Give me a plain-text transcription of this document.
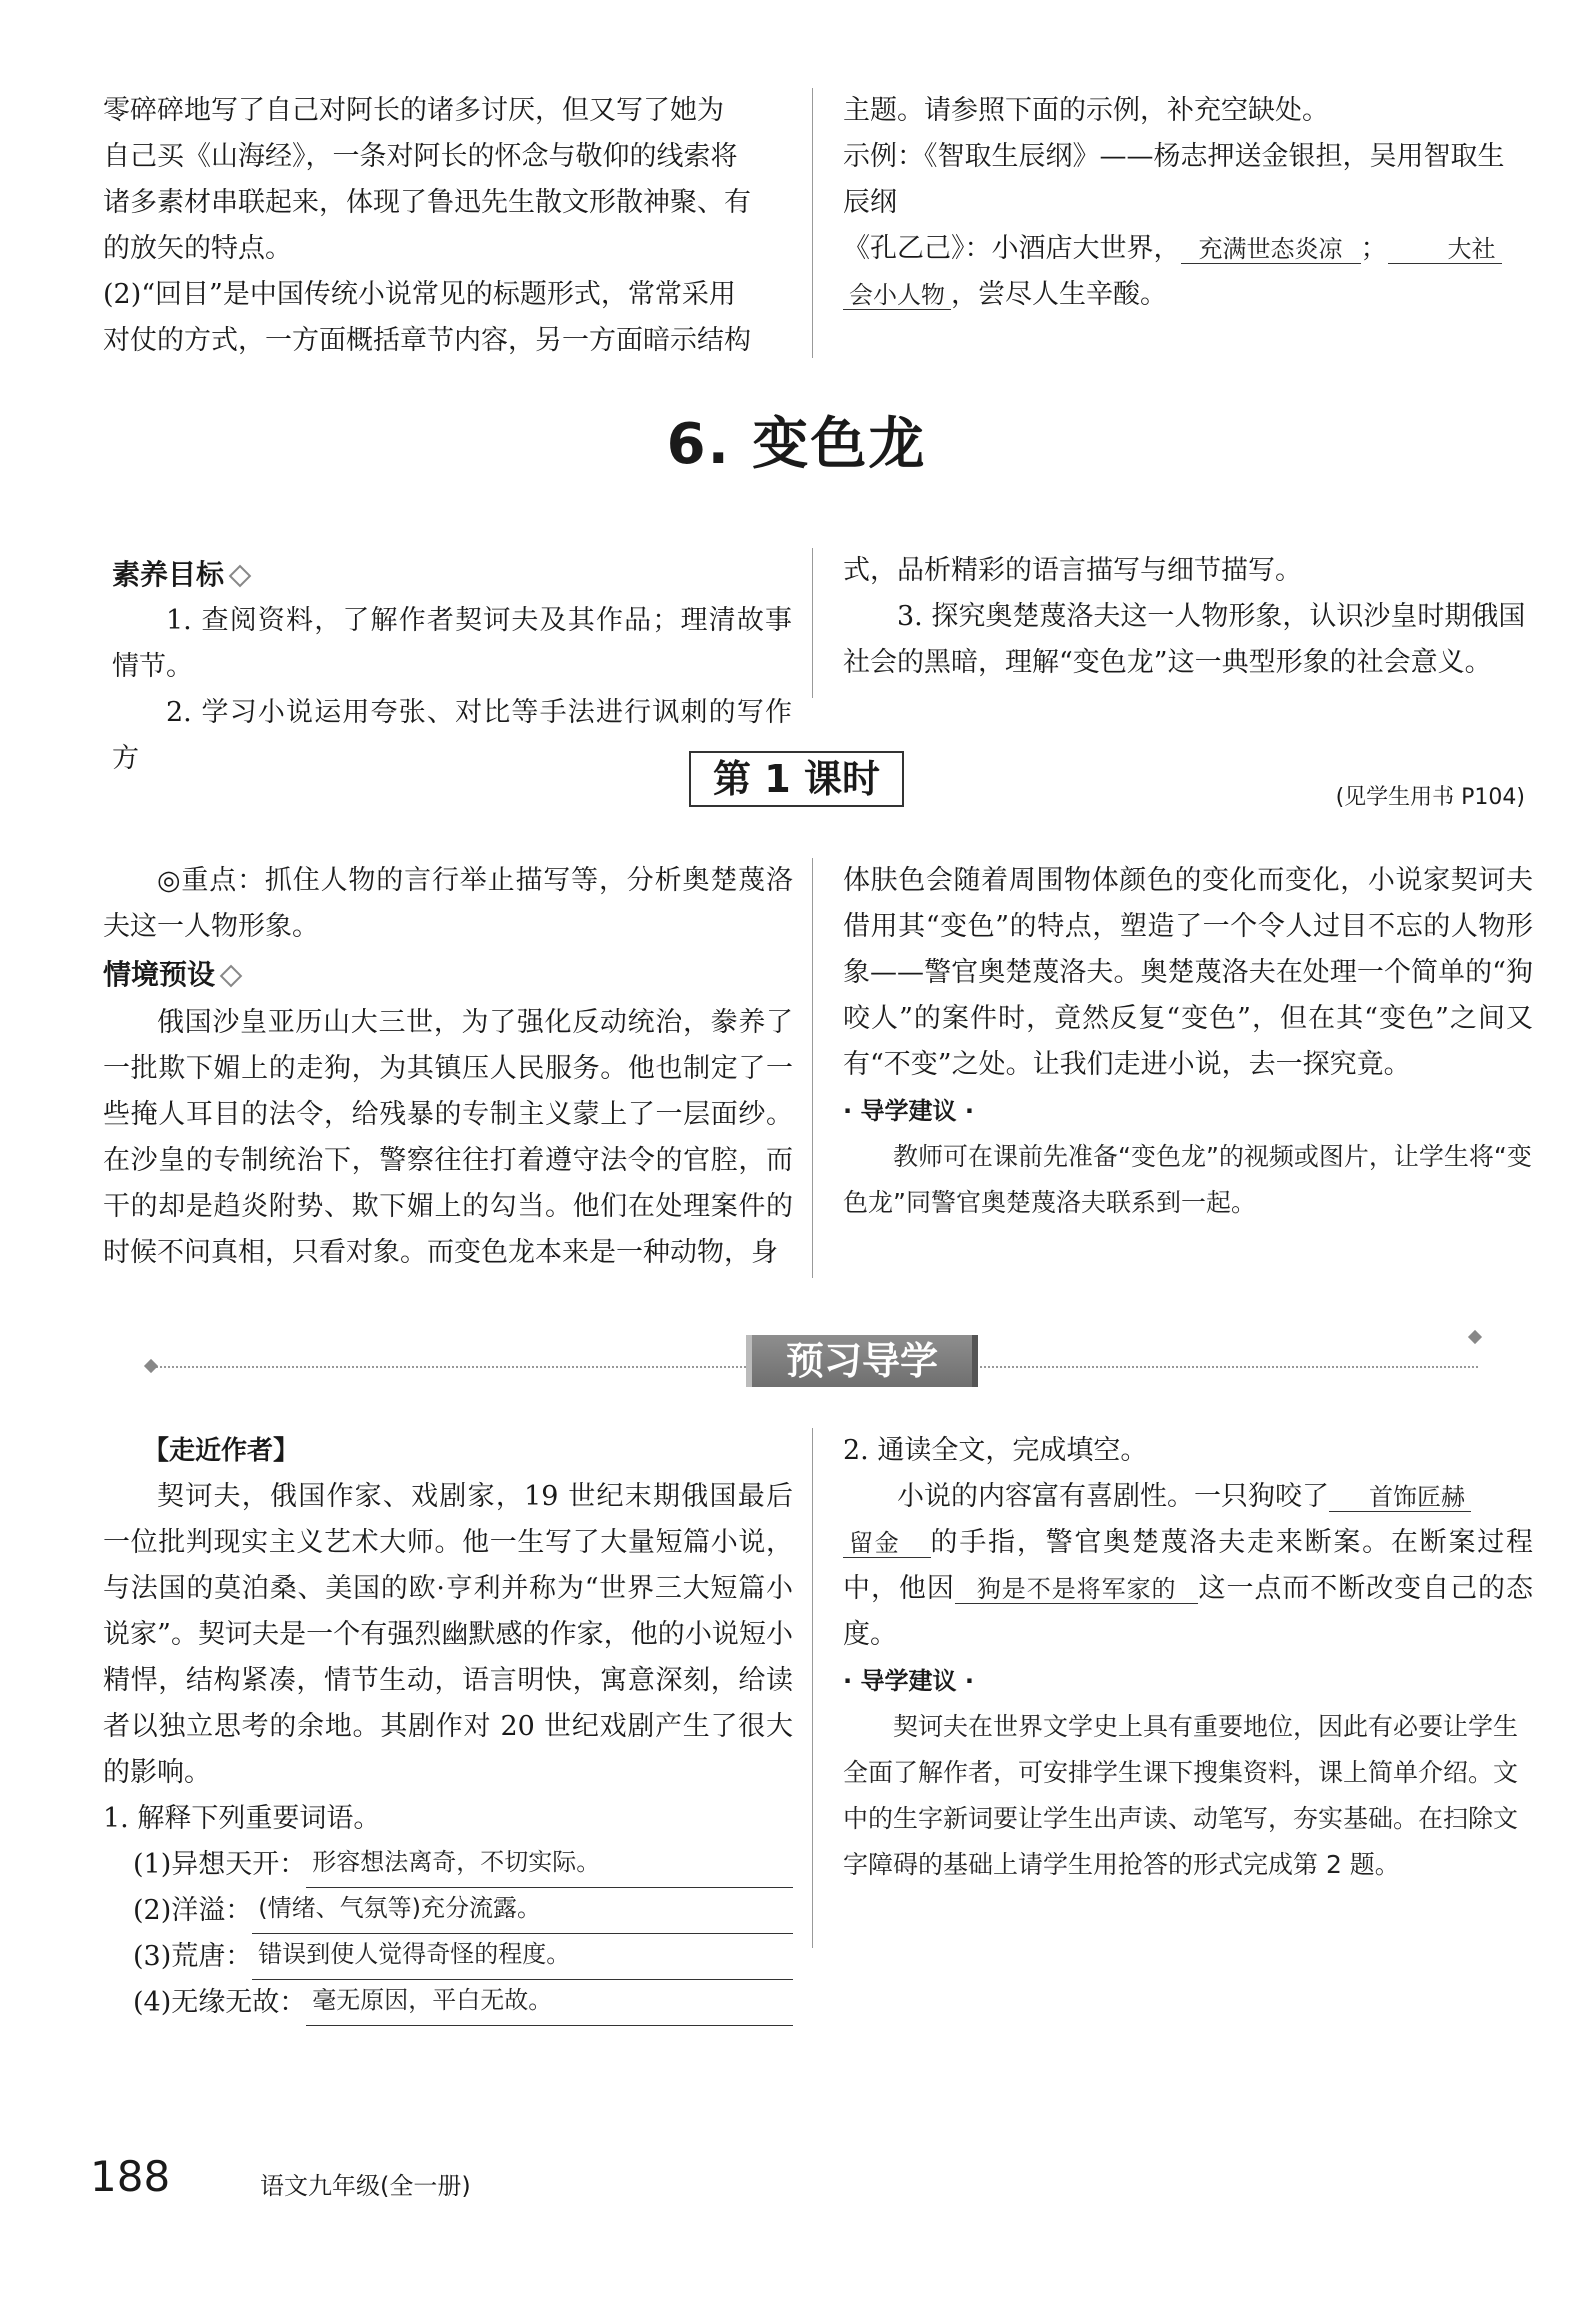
零碎碎地写了自己对阿长的诸多讨厌，但又写了她为

自己买《山海经》，一条对阿长的怀念与敬仰的线索将

诸多素材串联起来，体现了鲁迅先生散文形散神聚、有

的放矢的特点。

(2)“回目”是中国传统小说常见的标题形式，常常采用

对仗的方式，一方面概括章节内容，另一方面暗示结构

主题。请参照下面的示例，补充空缺处。

示例：《智取生辰纲》——杨志押送金银担，吴用智取生

辰纲

《孔乙己》：小酒店大世界， 充满世态炎凉 ；	大社

会小人物 ，尝尽人生辛酸。

6. 变色龙
素养目标

1. 查阅资料，了解作者契诃夫及其作品；理清故事情节。

2. 学习小说运用夸张、对比等手法进行讽刺的写作方

式，品析精彩的语言描写与细节描写。

3. 探究奥楚蔑洛夫这一人物形象，认识沙皇时期俄国

社会的黑暗，理解“变色龙”这一典型形象的社会意义。

第 1 课时	(见学生用书 P104)

◎重点：抓住人物的言行举止描写等，分析奥楚蔑洛夫这一人物形象。

情境预设

俄国沙皇亚历山大三世，为了强化反动统治，豢养了一批欺下媚上的走狗，为其镇压人民服务。他也制定了一些掩人耳目的法令，给残暴的专制主义蒙上了一层面纱。在沙皇的专制统治下，警察往往打着遵守法令的官腔，而干的却是趋炎附势、欺下媚上的勾当。他们在处理案件的时候不问真相，只看对象。而变色龙本来是一种动物，身

体肤色会随着周围物体颜色的变化而变化，小说家契诃夫借用其“变色”的特点，塑造了一个令人过目不忘的人物形象——警官奥楚蔑洛夫。奥楚蔑洛夫在处理一个简单的“狗咬人”的案件时，竟然反复“变色”，但在其“变色”之间又有“不变”之处。让我们走进小说，去一探究竟。

· 导学建议 ·

教师可在课前先准备“变色龙”的视频或图片，让学生将“变色龙”同警官奥楚蔑洛夫联系到一起。

预习导学
【走近作者】

契诃夫，俄国作家、戏剧家，19 世纪末期俄国最后一位批判现实主义艺术大师。他一生写了大量短篇小说，与法国的莫泊桑、美国的欧·亨利并称为“世界三大短篇小说家”。契诃夫是一个有强烈幽默感的作家，他的小说短小精悍，结构紧凑，情节生动，语言明快，寓意深刻，给读者以独立思考的余地。其剧作对 20 世纪戏剧产生了很大的影响。

1. 解释下列重要词语。

(1)异想天开： 形容想法离奇，不切实际。

(2)洋溢： (情绪、气氛等)充分流露。

(3)荒唐： 错误到使人觉得奇怪的程度。

(4)无缘无故： 毫无原因，平白无故。

2. 通读全文，完成填空。

小说的内容富有喜剧性。一只狗咬了 首饰匠赫
留金 的手指，警官奥楚蔑洛夫走来断案。在断案过程中，他因 狗是不是将军家的 这一点而不断改变自己的态度。

· 导学建议 ·

契诃夫在世界文学史上具有重要地位，因此有必要让学生全面了解作者，可安排学生课下搜集资料，课上简单介绍。文中的生字新词要让学生出声读、动笔写，夯实基础。在扫除文字障碍的基础上请学生用抢答的形式完成第 2 题。

188	语文九年级(全一册)
